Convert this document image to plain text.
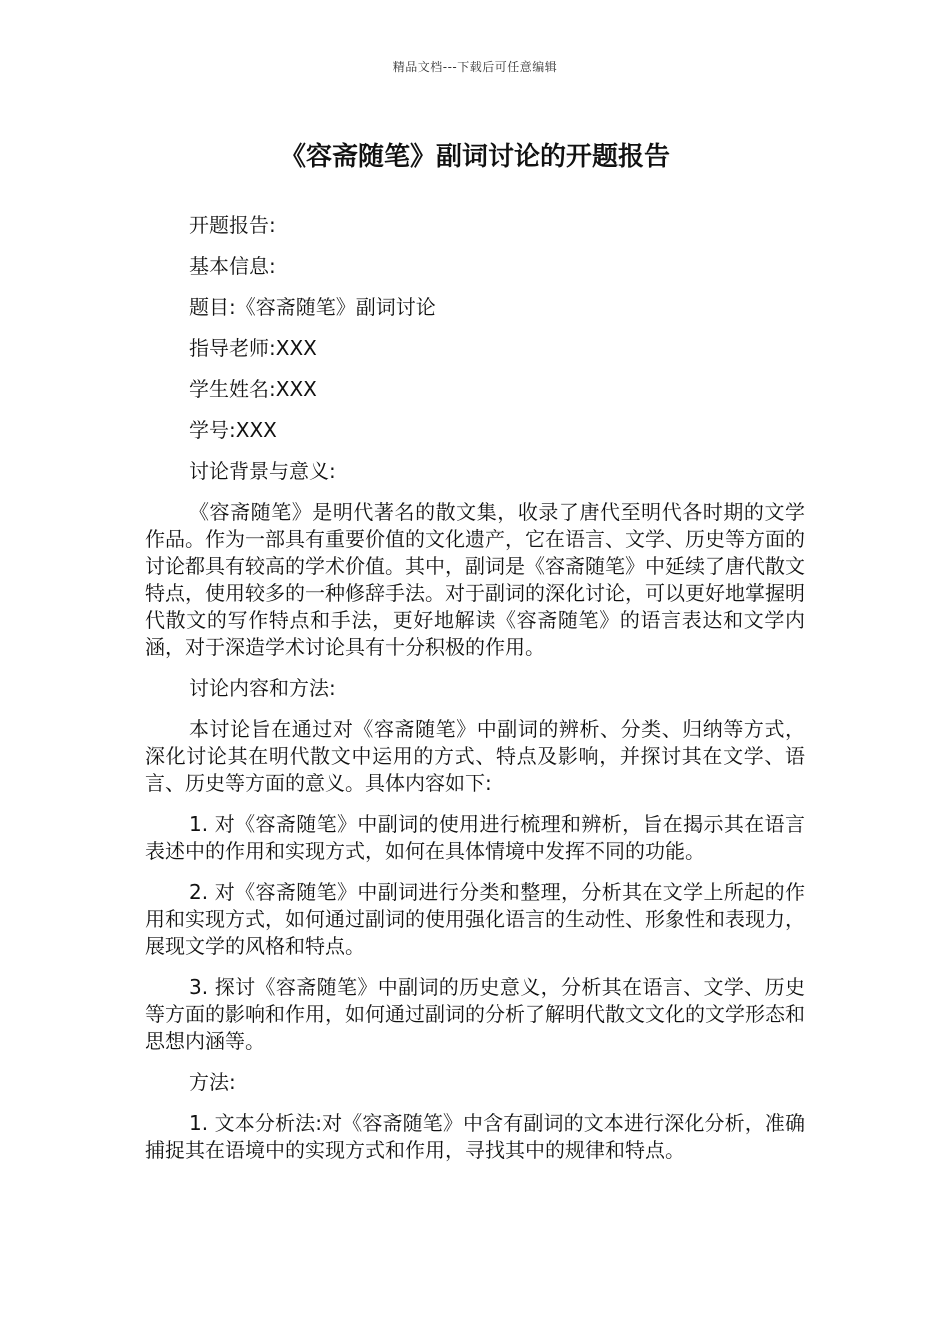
精品文档---下载后可任意编辑
《容斋随笔》副词讨论的开题报告

开题报告:

基本信息:

题目:《容斋随笔》副词讨论

指导老师:XXX

学生姓名:XXX

学号:XXX

讨论背景与意义:

《容斋随笔》是明代著名的散文集，收录了唐代至明代各时期的文学作品。作为一部具有重要价值的文化遗产，它在语言、文学、历史等方面的讨论都具有较高的学术价值。其中，副词是《容斋随笔》中延续了唐代散文特点，使用较多的一种修辞手法。对于副词的深化讨论，可以更好地掌握明代散文的写作特点和手法，更好地解读《容斋随笔》的语言表达和文学内涵，对于深造学术讨论具有十分积极的作用。

讨论内容和方法:

本讨论旨在通过对《容斋随笔》中副词的辨析、分类、归纳等方式，深化讨论其在明代散文中运用的方式、特点及影响，并探讨其在文学、语言、历史等方面的意义。具体内容如下:

1. 对《容斋随笔》中副词的使用进行梳理和辨析，旨在揭示其在语言表述中的作用和实现方式，如何在具体情境中发挥不同的功能。

2. 对《容斋随笔》中副词进行分类和整理，分析其在文学上所起的作用和实现方式，如何通过副词的使用强化语言的生动性、形象性和表现力，展现文学的风格和特点。

3. 探讨《容斋随笔》中副词的历史意义，分析其在语言、文学、历史等方面的影响和作用，如何通过副词的分析了解明代散文文化的文学形态和思想内涵等。

方法:

1. 文本分析法:对《容斋随笔》中含有副词的文本进行深化分析，准确捕捉其在语境中的实现方式和作用，寻找其中的规律和特点。
